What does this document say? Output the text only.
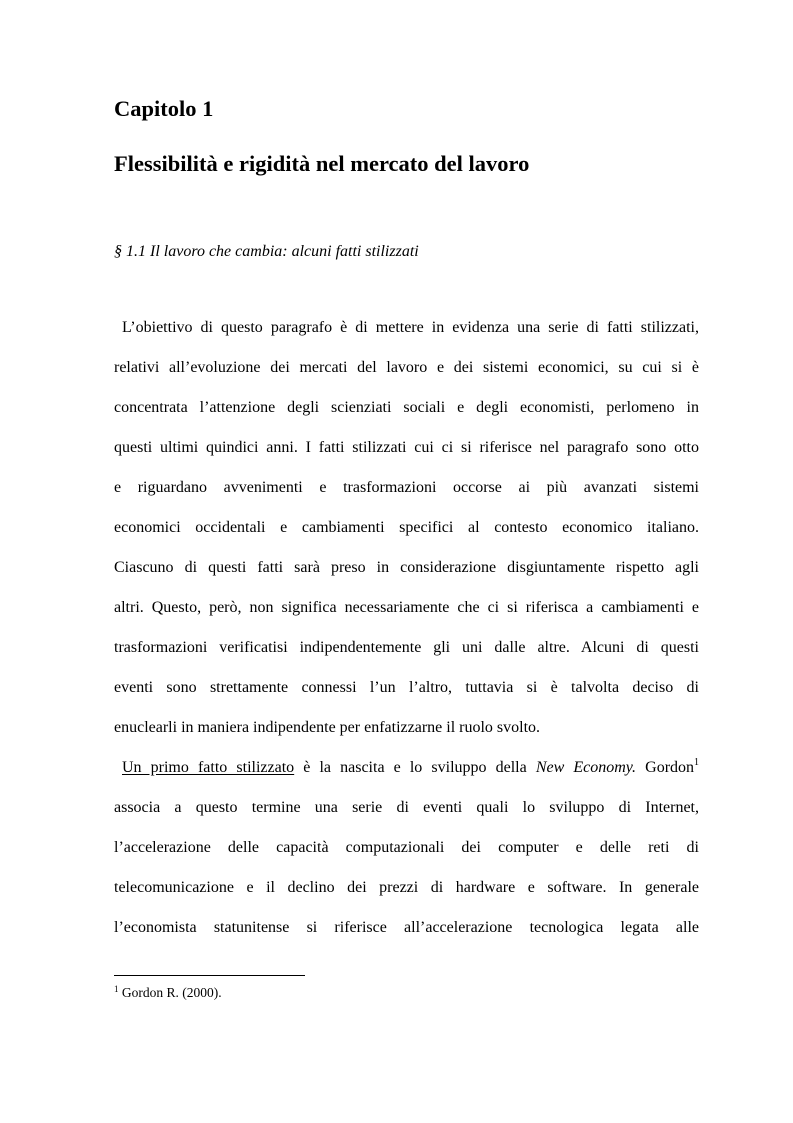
Capitolo 1
Flessibilità e rigidità nel mercato del lavoro
§ 1.1 Il lavoro che cambia: alcuni fatti stilizzati
L’obiettivo di questo paragrafo è di mettere in evidenza una serie di fatti stilizzati,
relativi all’evoluzione dei mercati del lavoro e dei sistemi economici, su cui si è
concentrata l’attenzione degli scienziati sociali e degli economisti, perlomeno in
questi ultimi quindici anni. I fatti stilizzati cui ci si riferisce nel paragrafo sono otto
e riguardano avvenimenti e trasformazioni occorse ai più avanzati sistemi
economici occidentali e cambiamenti specifici al contesto economico italiano.
Ciascuno di questi fatti sarà preso in considerazione disgiuntamente rispetto agli
altri. Questo, però, non significa necessariamente che ci si riferisca a cambiamenti e
trasformazioni verificatisi indipendentemente gli uni dalle altre. Alcuni di questi
eventi sono strettamente connessi l’un l’altro, tuttavia si è talvolta deciso di
enuclearli in maniera indipendente per enfatizzarne il ruolo svolto.
Un primo fatto stilizzato è la nascita e lo sviluppo della New Economy. Gordon$^1$
associa a questo termine una serie di eventi quali lo sviluppo di Internet,
l’accelerazione delle capacità computazionali dei computer e delle reti di
telecomunicazione e il declino dei prezzi di hardware e software. In generale
l’economista statunitense si riferisce all’accelerazione tecnologica legata alle
$^1$ Gordon R. (2000).
